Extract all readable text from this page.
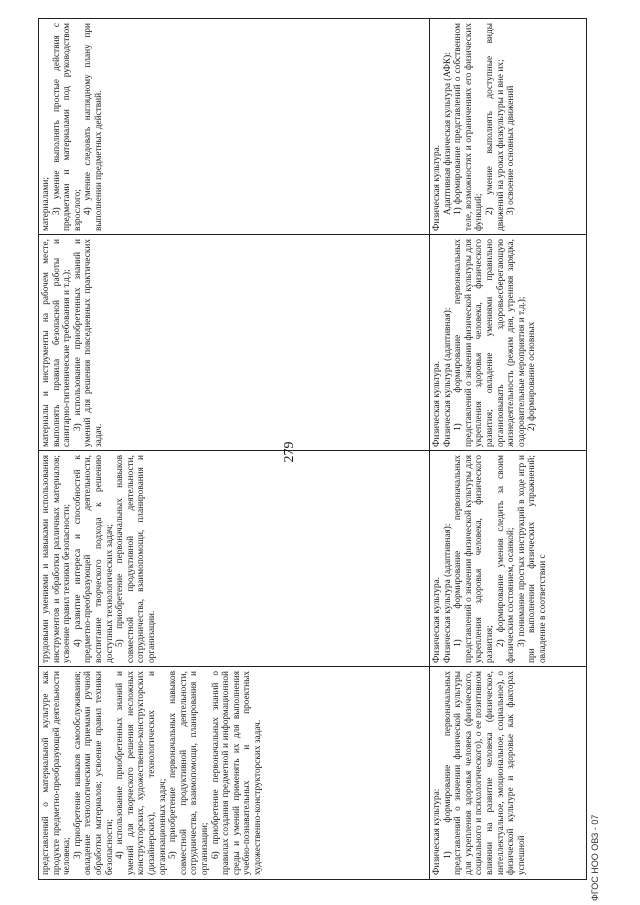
279
представлений о материальной культуре как продукте предметно-преобразующей деятельности человека; 3) приобретение навыков самообслуживания; овладение технологическими приемами ручной обработки материалов; усвоение правил техники безопасности; 4) использование приобретенных знаний и умений для творческого решения несложных конструкторских, художественно-конструкторских (дизайнерских), технологических и организационных задач; 5) приобретение первоначальных навыков совместной продуктивной деятельности, сотрудничества, взаимопомощи, планирования и организации; 6) приобретение первоначальных знаний о правилах создания предметной и информационной среды и умений применять их для выполнения учебно-познавательных и проектных художественно-конструкторских задач.
трудовыми умениями и навыками использования инструментов и обработки различных материалов; усвоение правил техники безопасности; 4) развитие интереса и способностей к предметно-преобразующей деятельности, воспитание творческого подхода к решению доступных технологических задач; 5) приобретение первоначальных навыков совместной продуктивной деятельности, сотрудничества, взаимопомощи, планирования и организации.
материалы и инструменты на рабочем месте, выполнять правила безопасной работы и санитарно-гигиенические требования и т.д.); 3) использование приобретенных знаний и умений для решения повседневных практических задач.
материалами; 3) умение выполнять простые действия с предметами и материалами под руководством взрослого; 4) умение следовать наглядному плану при выполнении предметных действий.
Физическая культура: 1) формирование первоначальных представлений о значении физической культуры для укрепления здоровья человека (физического, социального и психологического), о ее позитивном влиянии на развитие человека (физическое, интеллектуальное, эмоциональное, социальное), о физической культуре и здоровье как факторах успешной
Физическая культура. Физическая культура (адаптивная): 1) формирование первоначальных представлений о значении физической культуры для укрепления здоровья человека, физического развития; 2) формирование умения следить за своим физическим состоянием, осанкой; 3) понимание простых инструкций в ходе игр и при выполнении физических упражнений; овладение в соответствии с
Физическая культура. Физическая культура (адаптивная): 1) формирование первоначальных представлений о значении физической культуры для укрепления здоровья человека, физического развития; овладение умениями правильно организовывать здоровьесберегающую жизнедеятельность (режим дня, утренняя зарядка, оздоровительные мероприятия и т.д.); 2) формирование основных
Физическая культура. Адаптивная физическая культура (АФК): 1) формирование представлений о собственном теле, возможностях и ограничениях его физических функций; 2) умение выполнять доступные виды движений на уроках физкультуры и вне их; 3) освоение основных движений
ФГОС НОО ОВЗ - 07
